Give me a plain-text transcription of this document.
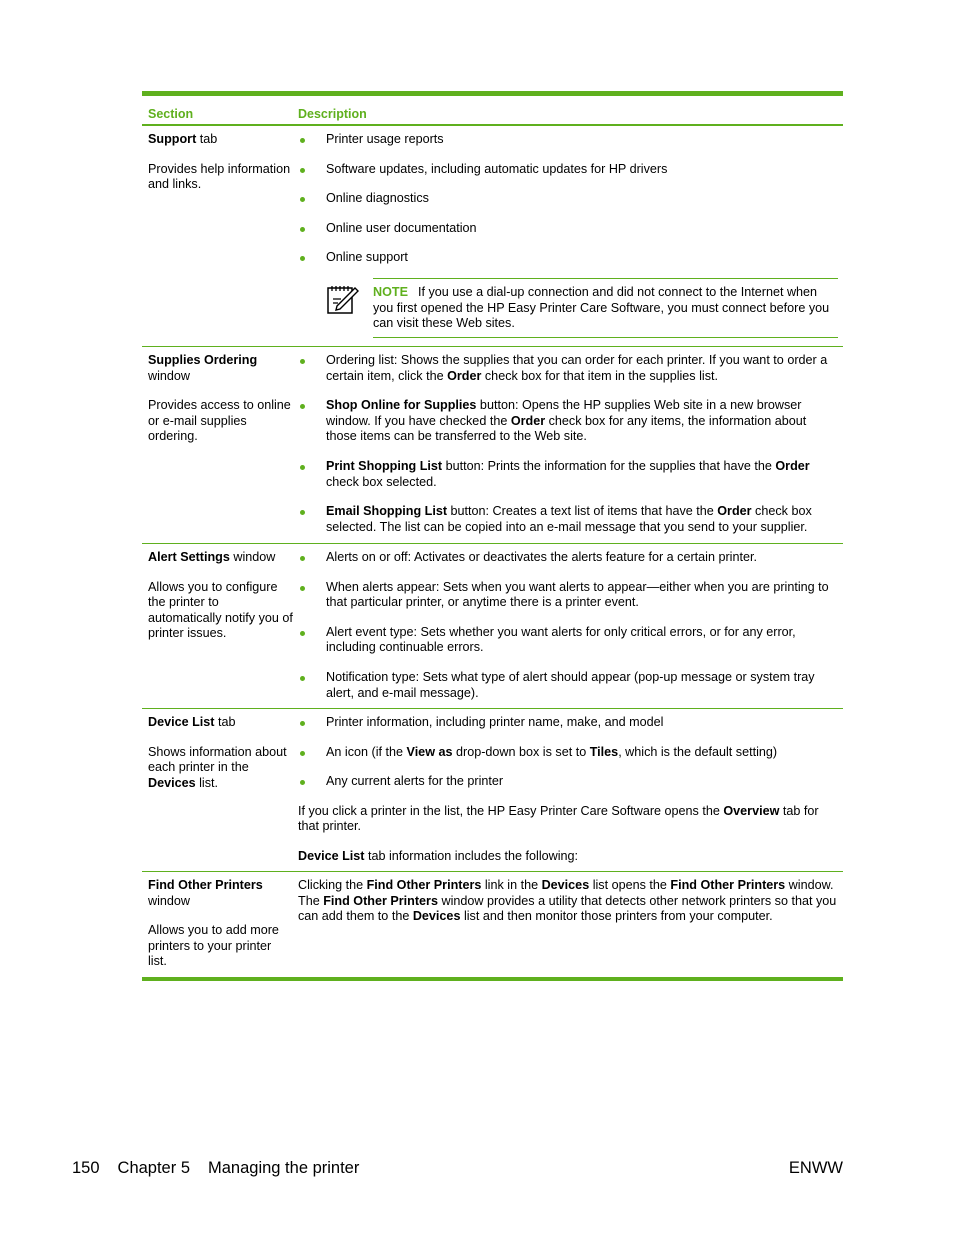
Section	Description

Support tab

Provides help information and links.

Printer usage reports
Software updates, including automatic updates for HP drivers
Online diagnostics
Online user documentation
Online support
NOTE If you use a dial-up connection and did not connect to the Internet when you first opened the HP Easy Printer Care Software, you must connect before you can visit these Web sites.

Supplies Ordering window

Provides access to online or e-mail supplies ordering.

Ordering list: Shows the supplies that you can order for each printer. If you want to order a certain item, click the Order check box for that item in the supplies list.
Shop Online for Supplies button: Opens the HP supplies Web site in a new browser window. If you have checked the Order check box for any items, the information about those items can be transferred to the Web site.
Print Shopping List button: Prints the information for the supplies that have the Order check box selected.
Email Shopping List button: Creates a text list of items that have the Order check box selected. The list can be copied into an e-mail message that you send to your supplier.

Alert Settings window

Allows you to configure the printer to automatically notify you of printer issues.

Alerts on or off: Activates or deactivates the alerts feature for a certain printer.
When alerts appear: Sets when you want alerts to appear—either when you are printing to that particular printer, or anytime there is a printer event.
Alert event type: Sets whether you want alerts for only critical errors, or for any error, including continuable errors.
Notification type: Sets what type of alert should appear (pop-up message or system tray alert, and e-mail message).

Device List tab

Shows information about each printer in the Devices list.

Printer information, including printer name, make, and model
An icon (if the View as drop-down box is set to Tiles, which is the default setting)
Any current alerts for the printer

If you click a printer in the list, the HP Easy Printer Care Software opens the Overview tab for that printer.

Device List tab information includes the following:

Find Other Printers window

Allows you to add more printers to your printer list.

Clicking the Find Other Printers link in the Devices list opens the Find Other Printers window. The Find Other Printers window provides a utility that detects other network printers so that you can add them to the Devices list and then monitor those printers from your computer.

150 Chapter 5 Managing the printer	ENWW
